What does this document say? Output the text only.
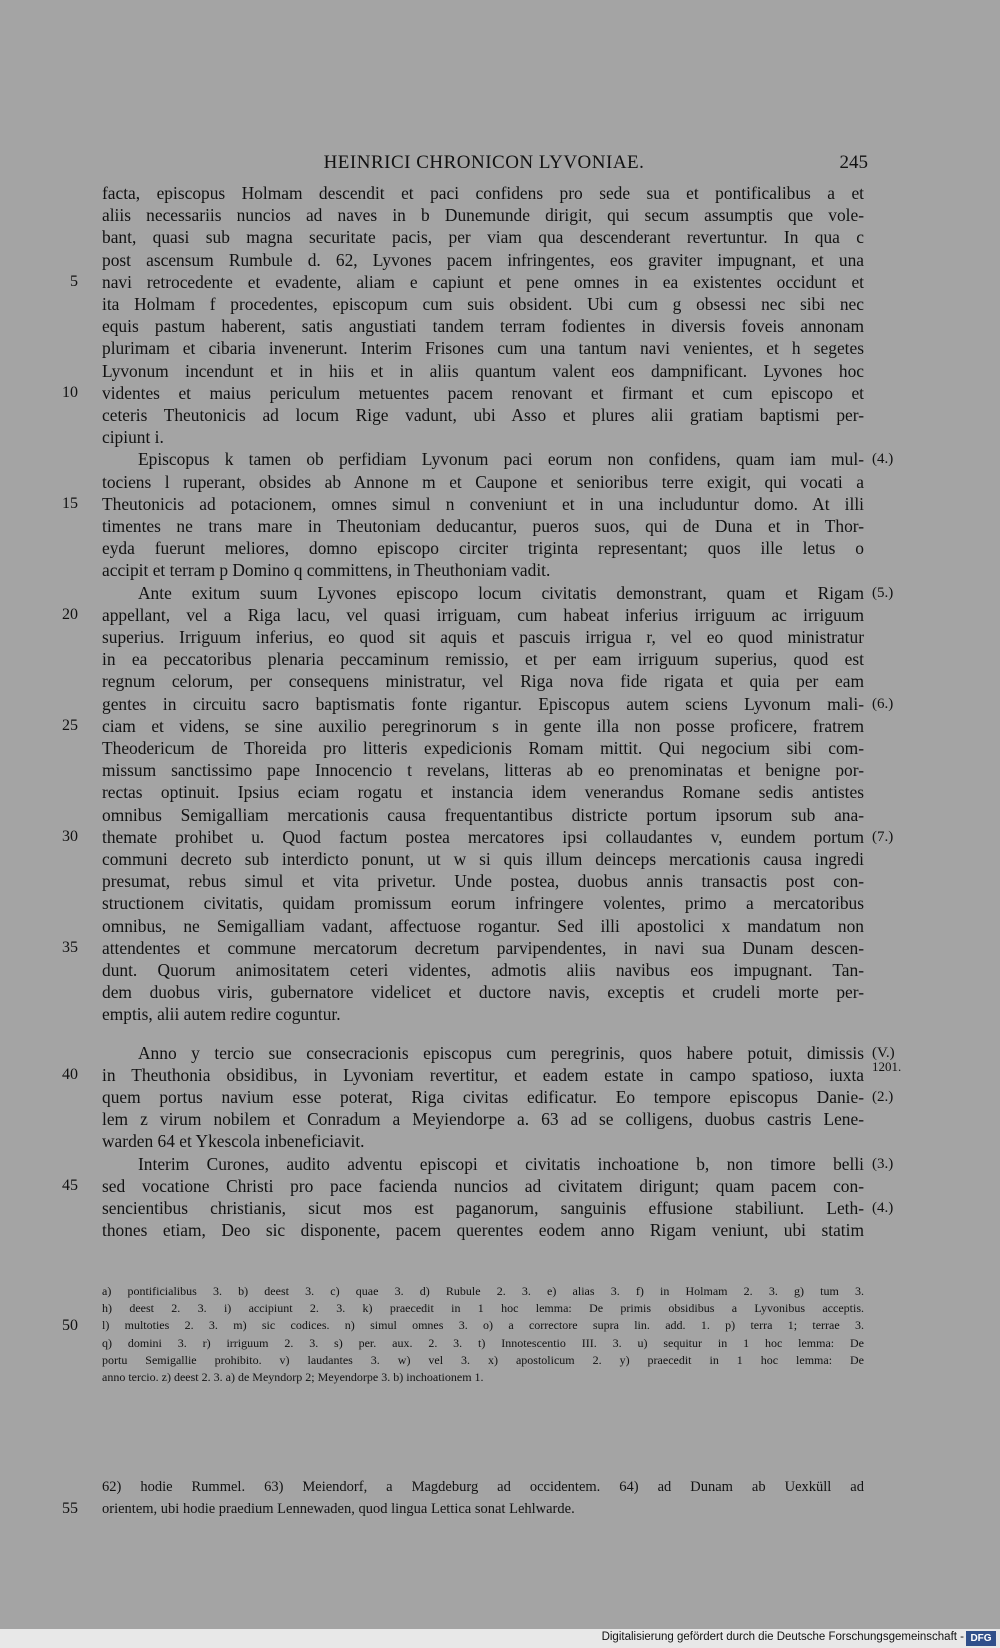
HEINRICI CHRONICON LYVONIAE.	245
facta, episcopus Holmam descendit et paci confidens pro sede sua et pontificalibus a et
aliis necessariis nuncios ad naves in b Dunemunde dirigit, qui secum assumptis que vole-
bant, quasi sub magna securitate pacis, per viam qua descenderant revertuntur. In qua c
post ascensum Rumbule d. 62, Lyvones pacem infringentes, eos graviter impugnant, et una
navi retrocedente et evadente, aliam e capiunt et pene omnes in ea existentes occidunt et
5
ita Holmam f procedentes, episcopum cum suis obsident. Ubi cum g obsessi nec sibi nec
equis pastum haberent, satis angustiati tandem terram fodientes in diversis foveis annonam
plurimam et cibaria invenerunt. Interim Frisones cum una tantum navi venientes, et h segetes
Lyvonum incendunt et in hiis et in aliis quantum valent eos dampnificant. Lyvones hoc
videntes et maius periculum metuentes pacem renovant et firmant et cum episcopo et
10
ceteris Theutonicis ad locum Rige vadunt, ubi Asso et plures alii gratiam baptismi per-
cipiunt i.
Episcopus k tamen ob perfidiam Lyvonum paci eorum non confidens, quam iam mul- (4.)
tociens l ruperant, obsides ab Annone m et Caupone et senioribus terre exigit, qui vocati a
Theutonicis ad potacionem, omnes simul n conveniunt et in una includuntur domo. At illi
15
timentes ne trans mare in Theutoniam deducantur, pueros suos, qui de Duna et in Thor-
eyda fuerunt meliores, domno episcopo circiter triginta representant; quos ille letus o
accipit et terram p Domino q committens, in Theuthoniam vadit.
Ante exitum suum Lyvones episcopo locum civitatis demonstrant, quam et Rigam (5.)
appellant, vel a Riga lacu, vel quasi irriguam, cum habeat inferius irriguum ac irriguum
20
superius. Irriguum inferius, eo quod sit aquis et pascuis irrigua r, vel eo quod ministratur
in ea peccatoribus plenaria peccaminum remissio, et per eam irriguum superius, quod est
regnum celorum, per consequens ministratur, vel Riga nova fide rigata et quia per eam
gentes in circuitu sacro baptismatis fonte rigantur. Episcopus autem sciens Lyvonum mali- (6.)
ciam et videns, se sine auxilio peregrinorum s in gente illa non posse proficere, fratrem
25
Theodericum de Thoreida pro litteris expedicionis Romam mittit. Qui negocium sibi com-
missum sanctissimo pape Innocencio t revelans, litteras ab eo prenominatas et benigne por-
rectas optinuit. Ipsius eciam rogatu et instancia idem venerandus Romane sedis antistes
omnibus Semigalliam mercationis causa frequentantibus districte portum ipsorum sub ana-
themate prohibet u. Quod factum postea mercatores ipsi collaudantes v, eundem portum
30	(7.)
communi decreto sub interdicto ponunt, ut w si quis illum deinceps mercationis causa ingredi
presumat, rebus simul et vita privetur. Unde postea, duobus annis transactis post con-
structionem civitatis, quidam promissum eorum infringere volentes, primo a mercatoribus
omnibus, ne Semigalliam vadant, affectuose rogantur. Sed illi apostolici x mandatum non
attendentes et commune mercatorum decretum parvipendentes, in navi sua Dunam descen-
35
dunt. Quorum animositatem ceteri videntes, admotis aliis navibus eos impugnant. Tan-
dem duobus viris, gubernatore videlicet et ductore navis, exceptis et crudeli morte per-
emptis, alii autem redire coguntur.
Anno y tercio sue consecracionis episcopus cum peregrinis, quos habere potuit, dimissis (V.)
in Theuthonia obsidibus, in Lyvoniam revertitur, et eadem estate in campo spatioso, iuxta
40	1201.
quem portus navium esse poterat, Riga civitas edificatur. Eo tempore episcopus Danie- (2.)
lem z virum nobilem et Conradum a Meyiendorpe a. 63 ad se colligens, duobus castris Lene-
warden 64 et Ykescola inbeneficiavit.
Interim Curones, audito adventu episcopi et civitatis inchoatione b, non timore belli (3.)
sed vocatione Christi pro pace facienda nuncios ad civitatem dirigunt; quam pacem con-
45
sencientibus christianis, sicut mos est paganorum, sanguinis effusione stabiliunt. Leth- (4.)
thones etiam, Deo sic disponente, pacem querentes eodem anno Rigam veniunt, ubi statim
a) pontificialibus 3. b) deest 3. c) quae 3. d) Rubule 2. 3. e) alias 3. f) in Holmam 2. 3. g) tum 3.
h) deest 2. 3. i) accipiunt 2. 3. k) praecedit in 1 hoc lemma: De primis obsidibus a Lyvonibus acceptis.
l) multoties 2. 3. m) sic codices. n) simul omnes 3. o) a correctore supra lin. add. 1. p) terra 1; terrae 3.
50
q) domini 3. r) irriguum 2. 3. s) per. aux. 2. 3. t) Innotescentio III. 3. u) sequitur in 1 hoc lemma: De
portu Semigallie prohibito. v) laudantes 3. w) vel 3. x) apostolicum 2. y) praecedit in 1 hoc lemma: De
anno tercio. z) deest 2. 3. a) de Meyndorp 2; Meyendorpe 3. b) inchoationem 1.
62) hodie Rummel. 63) Meiendorf, a Magdeburg ad occidentem. 64) ad Dunam ab Uexküll ad
orientem, ubi hodie praedium Lennewaden, quod lingua Lettica sonat Lehlwarde.
55
Digitalisierung gefördert durch die Deutsche Forschungsgemeinschaft - DFG
